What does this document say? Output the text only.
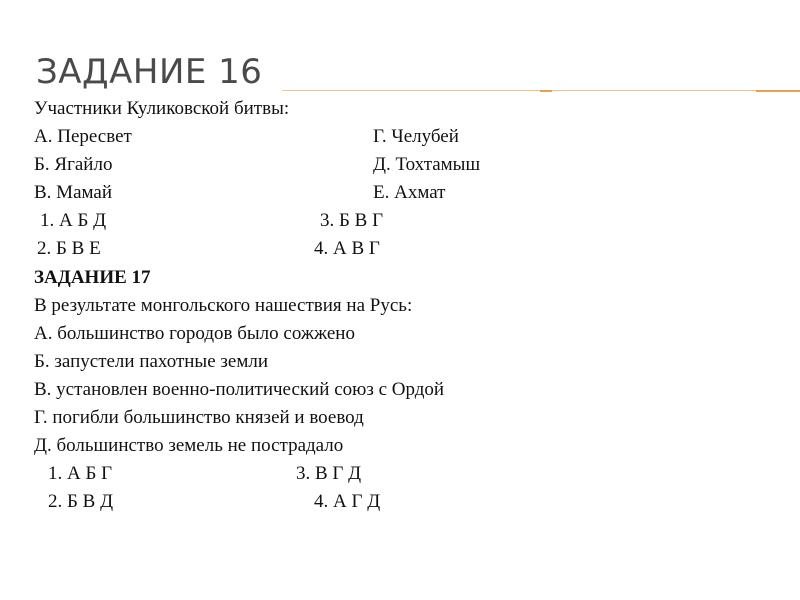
ЗАДАНИЕ 16
Участники Куликовской битвы:
А. Пересвет	Г. Челубей
Б. Ягайло	Д. Тохтамыш
В. Мамай	Е. Ахмат
1. А Б Д	3. Б В Г
2. Б В Е	4. А В Г
ЗАДАНИЕ 17
В результате монгольского нашествия на Русь:
А. большинство городов было сожжено
Б. запустели пахотные земли
В. установлен военно-политический союз с Ордой
Г. погибли большинство князей и воевод
Д. большинство земель не пострадало
1. А Б Г	3. В Г Д
2. Б В Д	4. А Г Д
